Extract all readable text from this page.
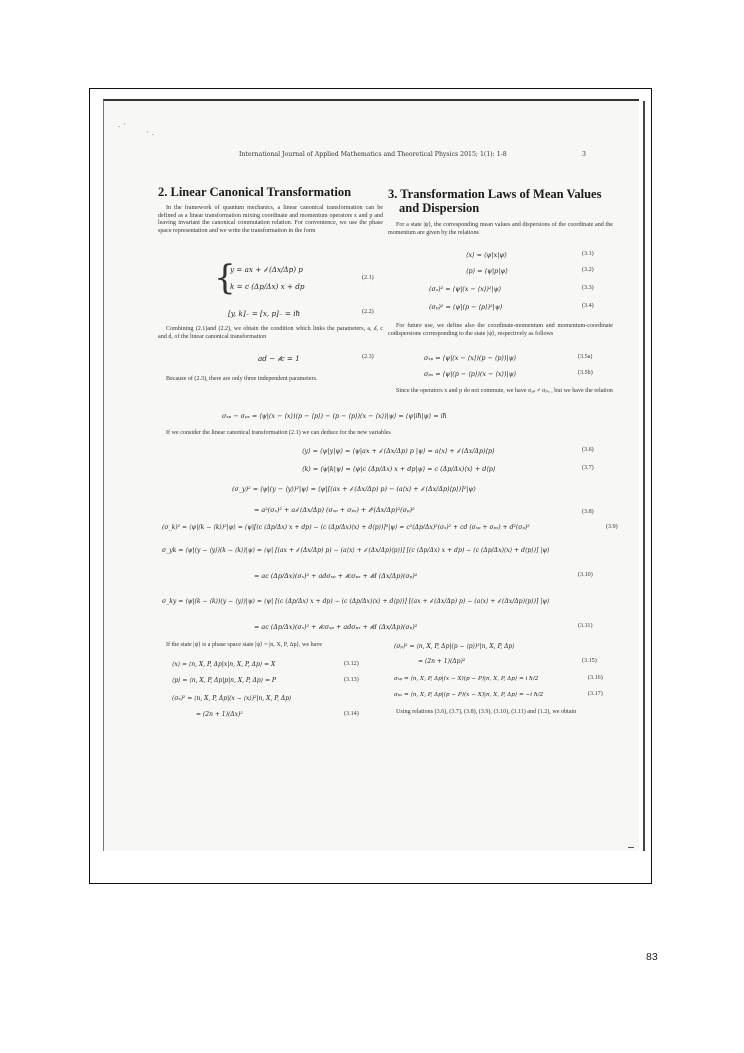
· ˊ
ˋ ·
International Journal of Applied Mathematics and Theoretical Physics 2015; 1(1): 1-8	3
2. Linear Canonical Transformation
In the framework of quantum mechanics, a linear canonical transformation can be defined as a linear transformation mixing coordinate and momentum operators x and p and leaving invariant the canonical commutation relation. For convenience, we use the phase space representation and we write the transformation in the form
{
y = ax + 𝒷 (Δx/Δp) p
k = c (Δp/Δx) x + dp
(2.1)
[y, k]₋ = [x, p]₋ = iħ	(2.2)
Combining (2.1)and (2.2), we obtain the condition which links the parameters, a, 𝒷, c and d, of the linear canonical transformation
ad − 𝒷c = 1	(2.3)
Because of (2.3), there are only three independent parameters.
3. Transformation Laws of Mean Values
and Dispersion
For a state |ψ⟩, the corresponding mean values and dispersions of the coordinate and the momentum are given by the relations
⟨x⟩ = ⟨ψ|x|ψ⟩	(3.1)
⟨p⟩ = ⟨ψ|p|ψ⟩	(3.2)
(σₓ)² = ⟨ψ|(x − ⟨x⟩)²|ψ⟩	(3.3)
(σₚ)² = ⟨ψ|(p − ⟨p⟩)²|ψ⟩	(3.4)
For future use, we define also the coordinate-momentum and momentum-coordinate codispersions corresponding to the state |ψ⟩, respectively as follows
σₓₚ = ⟨ψ|(x − ⟨x⟩)(p − ⟨p⟩)|ψ⟩	(3.5a)
σₚₓ = ⟨ψ|(p − ⟨p⟩)(x − ⟨x⟩)|ψ⟩	(3.5b)
Since the operators x and p do not commute, we have σₓₚ ≠ σₚₓ , but we have the relation
σₓₚ − σₚₓ = ⟨ψ|(x − ⟨x⟩)(p − ⟨p⟩) − (p − ⟨p⟩)(x − ⟨x⟩)|ψ⟩ = ⟨ψ|iħ|ψ⟩ = iħ
If we consider the linear canonical transformation (2.1) we can deduce for the new variables
⟨y⟩ = ⟨ψ|y|ψ⟩ = ⟨ψ|ax + 𝒷 (Δx/Δp) p |ψ⟩ = a⟨x⟩ + 𝒷 (Δx/Δp)⟨p⟩	(3.6)
⟨k⟩ = ⟨ψ|k|ψ⟩ = ⟨ψ|c (Δp/Δx) x + dp|ψ⟩ = c (Δp/Δx)⟨x⟩ + d⟨p⟩	(3.7)
(σ_y)² = ⟨ψ|(y − ⟨y⟩)²|ψ⟩ = ⟨ψ|[(ax + 𝒷 (Δx/Δp) p) − (a⟨x⟩ + 𝒷 (Δx/Δp)⟨p⟩)]²|ψ⟩
= a²(σₓ)² + a𝒷 (Δx/Δp) (σₓₚ + σₚₓ) + 𝒷²(Δx/Δp)²(σₚ)²	(3.8)
(σ_k)² = ⟨ψ|(k − ⟨k⟩)²|ψ⟩ = ⟨ψ|[(c (Δp/Δx) x + dp) − (c (Δp/Δx)⟨x⟩ + d⟨p⟩)]²|ψ⟩ = c²(Δp/Δx)²(σₓ)² + cd (σₓₚ + σₚₓ) + d²(σₚ)²	(3.9)
σ_yk = ⟨ψ|(y − ⟨y⟩)(k − ⟨k⟩)|ψ⟩ = ⟨ψ| [(ax + 𝒷 (Δx/Δp) p) − (a⟨x⟩ + 𝒷 (Δx/Δp)⟨p⟩)] [(c (Δp/Δx) x + dp) − (c (Δp/Δx)⟨x⟩ + d⟨p⟩)] |ψ⟩
= ac (Δp/Δx)(σₓ)² + adσₓₚ + 𝒷cσₚₓ + 𝒷d (Δx/Δp)(σₚ)²	(3.10)
σ_ky = ⟨ψ|(k − ⟨k⟩)(y − ⟨y⟩)|ψ⟩ = ⟨ψ| [(c (Δp/Δx) x + dp) − (c (Δp/Δx)⟨x⟩ + d⟨p⟩)] [(ax + 𝒷 (Δx/Δp) p) − (a⟨x⟩ + 𝒷 (Δx/Δp)⟨p⟩)] |ψ⟩
= ac (Δp/Δx)(σₓ)² + 𝒷cσₓₚ + adσₚₓ + 𝒷d (Δx/Δp)(σₚ)²	(3.11)
If the state |ψ⟩ is a phase space state |ψ⟩ = |n, X, P, Δp⟩, we have
⟨x⟩ = ⟨n, X, P, Δp|x|n, X, P, Δp⟩ = X	(3.12)
⟨p⟩ = ⟨n, X, P, Δp|p|n, X, P, Δp⟩ = P	(3.13)
(σₓ)² = ⟨n, X, P, Δp|(x − ⟨x⟩)²|n, X, P, Δp⟩
= (2n + 1)(Δx)²	(3.14)
(σₚ)² = ⟨n, X, P, Δp|(p − ⟨p⟩)²|n, X, P, Δp⟩
= (2n + 1)(Δp)²	(3.15)
σₓₚ = ⟨n, X, P, Δp|(x − X)(p − P)|n, X, P, Δp⟩ = i ħ/2	(3.16)
σₚₓ = ⟨n, X, P, Δp|(p − P)(x − X)|n, X, P, Δp⟩ = −i ħ/2	(3.17)
Using relations (3.6), (3.7), (3.8), (3.9), (3.10), (3.11) and (1.2), we obtain
83
